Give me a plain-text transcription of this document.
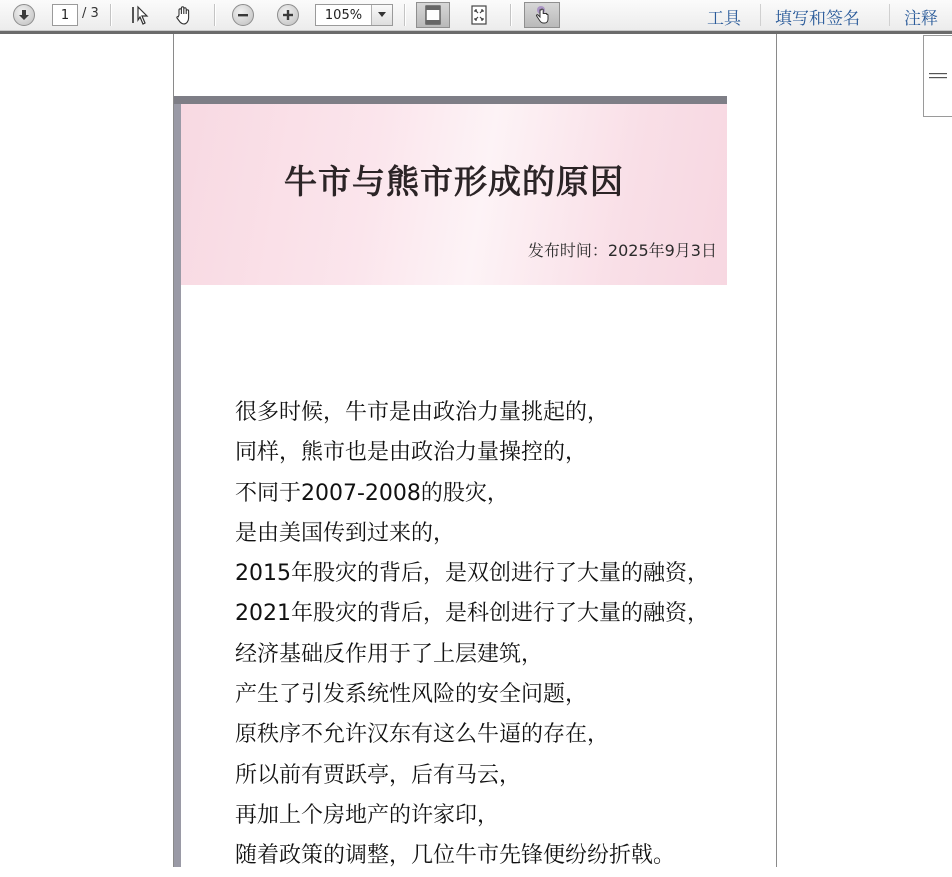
1 / 3	105%	工具 填写和签名	注释
牛市与熊市形成的原因
发布时间：2025年9月3日
很多时候，牛市是由政治力量挑起的，
同样，熊市也是由政治力量操控的，
不同于2007-2008的股灾，
是由美国传到过来的，
2015年股灾的背后，是双创进行了大量的融资，
2021年股灾的背后，是科创进行了大量的融资，
经济基础反作用于了上层建筑，
产生了引发系统性风险的安全问题，
原秩序不允许汉东有这么牛逼的存在，
所以前有贾跃亭，后有马云，
再加上个房地产的许家印，
随着政策的调整，几位牛市先锋便纷纷折戟。
